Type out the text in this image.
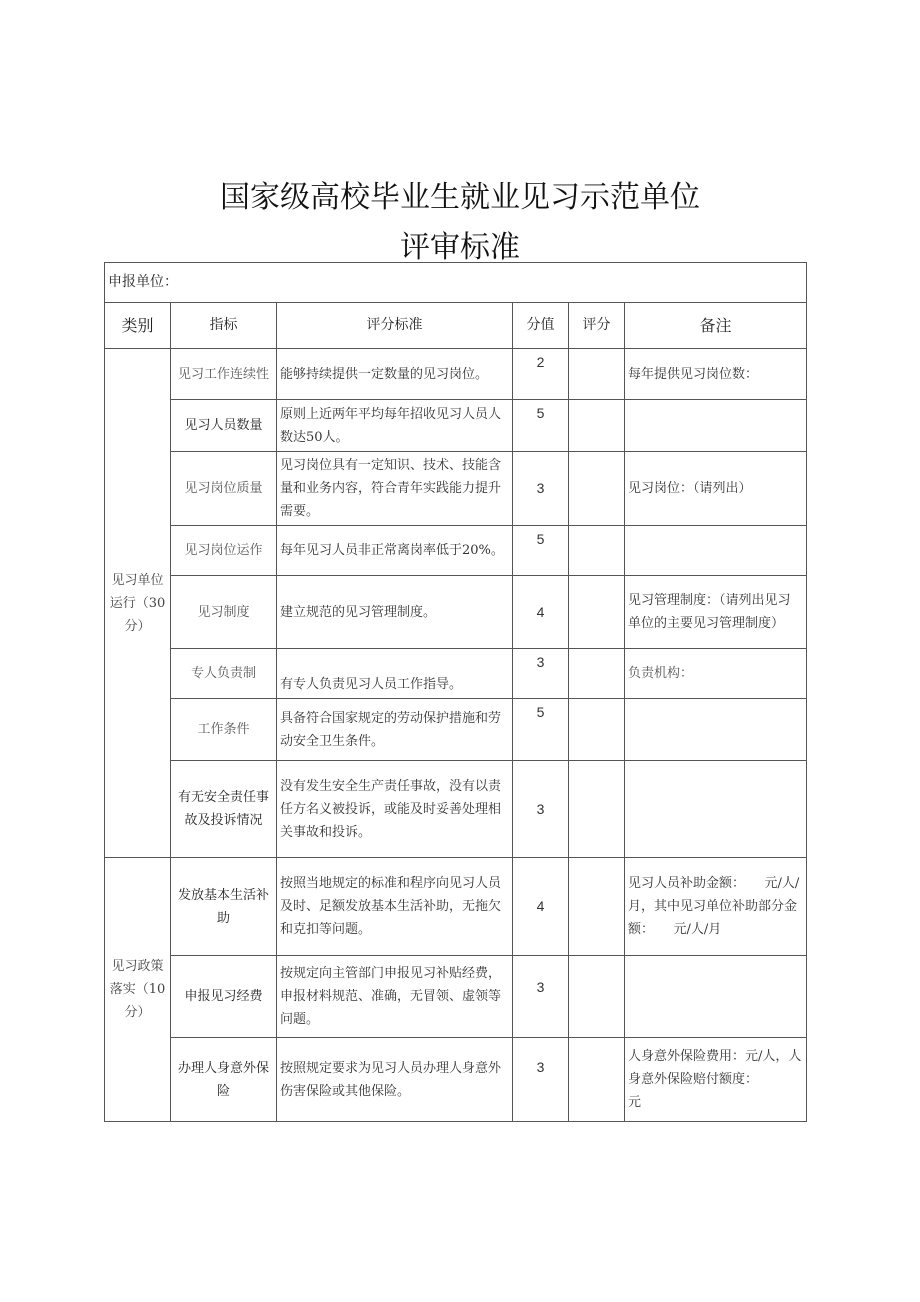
国家级高校毕业生就业见习示范单位
评审标准
申报单位：					
类别	指标	评分标准	分值	评分	备注
见习单位运行（30分）	见习工作连续性	能够持续提供一定数量的见习岗位。	2		每年提供见习岗位数：
	见习人员数量	原则上近两年平均每年招收见习人员人数达50人。	5		
	见习岗位质量	见习岗位具有一定知识、技术、技能含量和业务内容，符合青年实践能力提升需要。	3		见习岗位：（请列出）
	见习岗位运作	每年见习人员非正常离岗率低于20%。	5		
	见习制度	建立规范的见习管理制度。	4		见习管理制度：（请列出见习单位的主要见习管理制度）
	专人负责制	有专人负责见习人员工作指导。	3		负责机构：
	工作条件	具备符合国家规定的劳动保护措施和劳动安全卫生条件。	5		
	有无安全责任事故及投诉情况	没有发生安全生产责任事故，没有以责任方名义被投诉，或能及时妥善处理相关事故和投诉。	3		
见习政策落实（10分）	发放基本生活补助	按照当地规定的标准和程序向见习人员及时、足额发放基本生活补助，无拖欠和克扣等问题。	4		见习人员补助金额：　　元/人/月，其中见习单位补助部分金额：　　元/人/月
	申报见习经费	按规定向主管部门申报见习补贴经费，申报材料规范、准确，无冒领、虚领等问题。	3		
	办理人身意外保险	按照规定要求为见习人员办理人身意外伤害保险或其他保险。	3		人身意外保险费用：元/人，人身意外保险赔付额度：　　　　元
